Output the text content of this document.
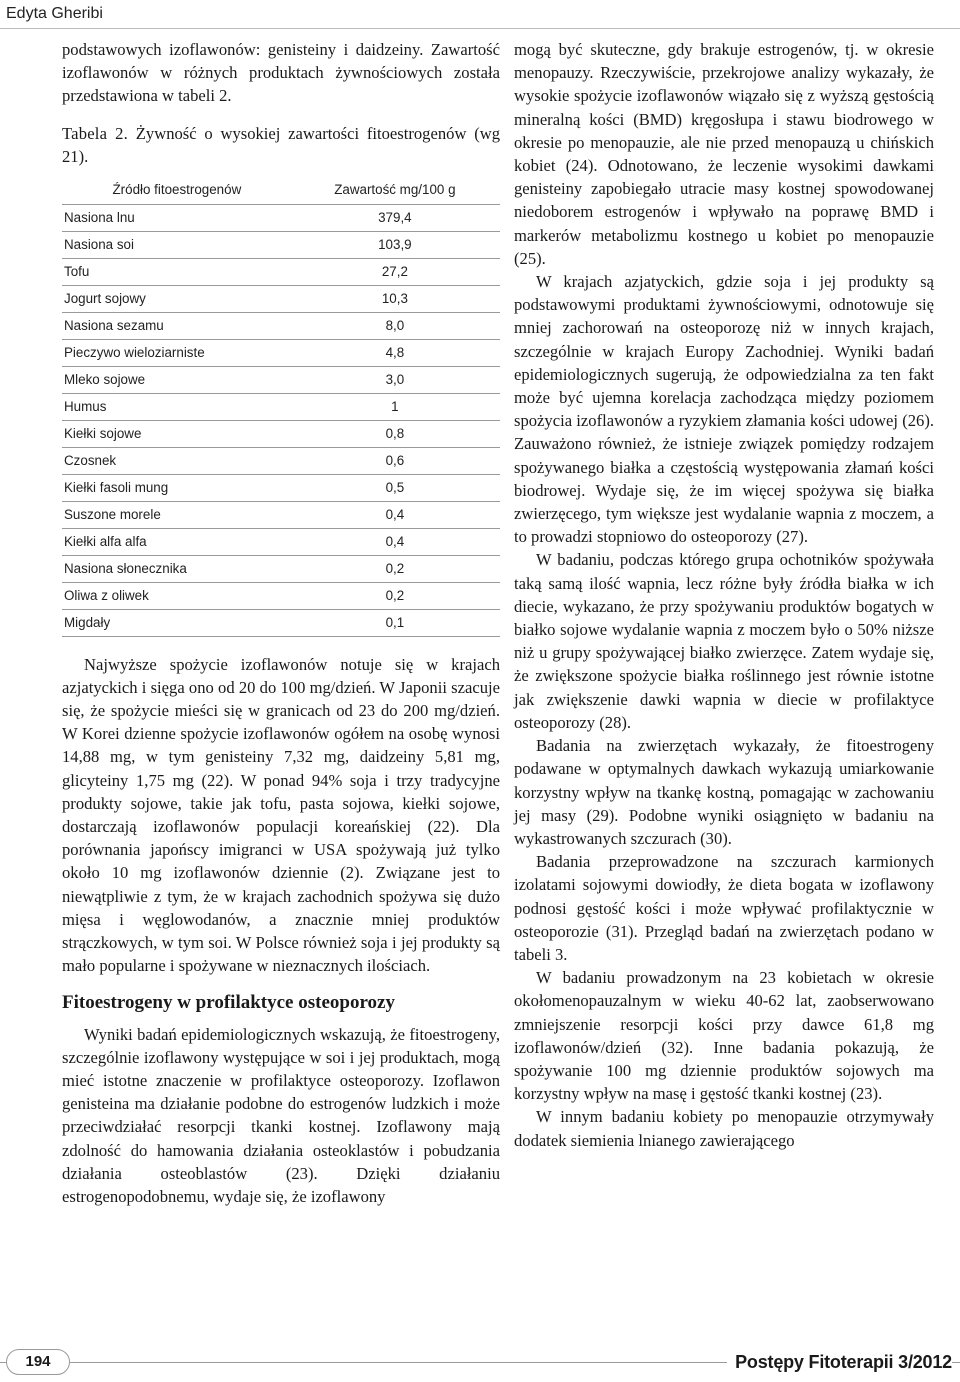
Edyta Gheribi

podstawowych izoflawonów: genisteiny i daidzeiny. Zawartość izoflawonów w różnych produktach żywnościowych została przedstawiona w tabeli 2.

Tabela 2. Żywność o wysokiej zawartości fitoestrogenów (wg 21).

Źródło fitoestrogenów	Zawartość mg/100 g
Nasiona lnu	379,4
Nasiona soi	103,9
Tofu	27,2
Jogurt sojowy	10,3
Nasiona sezamu	8,0
Pieczywo wieloziarniste	4,8
Mleko sojowe	3,0
Humus	1
Kiełki sojowe	0,8
Czosnek	0,6
Kiełki fasoli mung	0,5
Suszone morele	0,4
Kiełki alfa alfa	0,4
Nasiona słonecznika	0,2
Oliwa z oliwek	0,2
Migdały	0,1

Najwyższe spożycie izoflawonów notuje się w krajach azjatyckich i sięga ono od 20 do 100 mg/dzień. W Japonii szacuje się, że spożycie mieści się w granicach od 23 do 200 mg/dzień. W Korei dzienne spożycie izoflawonów ogółem na osobę wynosi 14,88 mg, w tym genisteiny 7,32 mg, daidzeiny 5,81 mg, glicyteiny 1,75 mg (22). W ponad 94% soja i trzy tradycyjne produkty sojowe, takie jak tofu, pasta sojowa, kiełki sojowe, dostarczają izoflawonów populacji koreańskiej (22). Dla porównania japońscy imigranci w USA spożywają już tylko około 10 mg izoflawonów dziennie (2). Związane jest to niewątpliwie z tym, że w krajach zachodnich spożywa się dużo mięsa i węglowodanów, a znacznie mniej produktów strączkowych, w tym soi. W Polsce również soja i jej produkty są mało popularne i spożywane w nieznacznych ilościach.

Fitoestrogeny w profilaktyce osteoporozy

Wyniki badań epidemiologicznych wskazują, że fitoestrogeny, szczególnie izoflawony występujące w soi i jej produktach, mogą mieć istotne znaczenie w profilaktyce osteoporozy. Izoflawon genisteina ma działanie podobne do estrogenów ludzkich i może przeciwdziałać resorpcji tkanki kostnej. Izoflawony mają zdolność do hamowania działania osteoklastów i pobudzania działania osteoblastów (23). Dzięki działaniu estrogenopodobnemu, wydaje się, że izoflawony

mogą być skuteczne, gdy brakuje estrogenów, tj. w okresie menopauzy. Rzeczywiście, przekrojowe analizy wykazały, że wysokie spożycie izoflawonów wiązało się z wyższą gęstością mineralną kości (BMD) kręgosłupa i stawu biodrowego w okresie po menopauzie, ale nie przed menopauzą u chińskich kobiet (24). Odnotowano, że leczenie wysokimi dawkami genisteiny zapobiegało utracie masy kostnej spowodowanej niedoborem estrogenów i wpływało na poprawę BMD i markerów metabolizmu kostnego u kobiet po menopauzie (25).

W krajach azjatyckich, gdzie soja i jej produkty są podstawowymi produktami żywnościowymi, odnotowuje się mniej zachorowań na osteoporozę niż w innych krajach, szczególnie w krajach Europy Zachodniej. Wyniki badań epidemiologicznych sugerują, że odpowiedzialna za ten fakt może być ujemna korelacja zachodząca między poziomem spożycia izoflawonów a ryzykiem złamania kości udowej (26). Zauważono również, że istnieje związek pomiędzy rodzajem spożywanego białka a częstością występowania złamań kości biodrowej. Wydaje się, że im więcej spożywa się białka zwierzęcego, tym większe jest wydalanie wapnia z moczem, a to prowadzi stopniowo do osteoporozy (27).

W badaniu, podczas którego grupa ochotników spożywała taką samą ilość wapnia, lecz różne były źródła białka w ich diecie, wykazano, że przy spożywaniu produktów bogatych w białko sojowe wydalanie wapnia z moczem było o 50% niższe niż u grupy spożywającej białko zwierzęce. Zatem wydaje się, że zwiększone spożycie białka roślinnego jest równie istotne jak zwiększenie dawki wapnia w diecie w profilaktyce osteoporozy (28).

Badania na zwierzętach wykazały, że fitoestrogeny podawane w optymalnych dawkach wykazują umiarkowanie korzystny wpływ na tkankę kostną, pomagając w zachowaniu jej masy (29). Podobne wyniki osiągnięto w badaniu na wykastrowanych szczurach (30).

Badania przeprowadzone na szczurach karmionych izolatami sojowymi dowiodły, że dieta bogata w izoflawony podnosi gęstość kości i może wpływać profilaktycznie w osteoporozie (31). Przegląd badań na zwierzętach podano w tabeli 3.

W badaniu prowadzonym na 23 kobietach w okresie okołomenopauzalnym w wieku 40-62 lat, zaobserwowano zmniejszenie resorpcji kości przy dawce 61,8 mg izoflawonów/dzień (32). Inne badania pokazują, że spożywanie 100 mg dziennie produktów sojowych ma korzystny wpływ na masę i gęstość tkanki kostnej (23).

W innym badaniu kobiety po menopauzie otrzymywały dodatek siemienia lnianego zawierającego

194	Postępy Fitoterapii 3/2012
